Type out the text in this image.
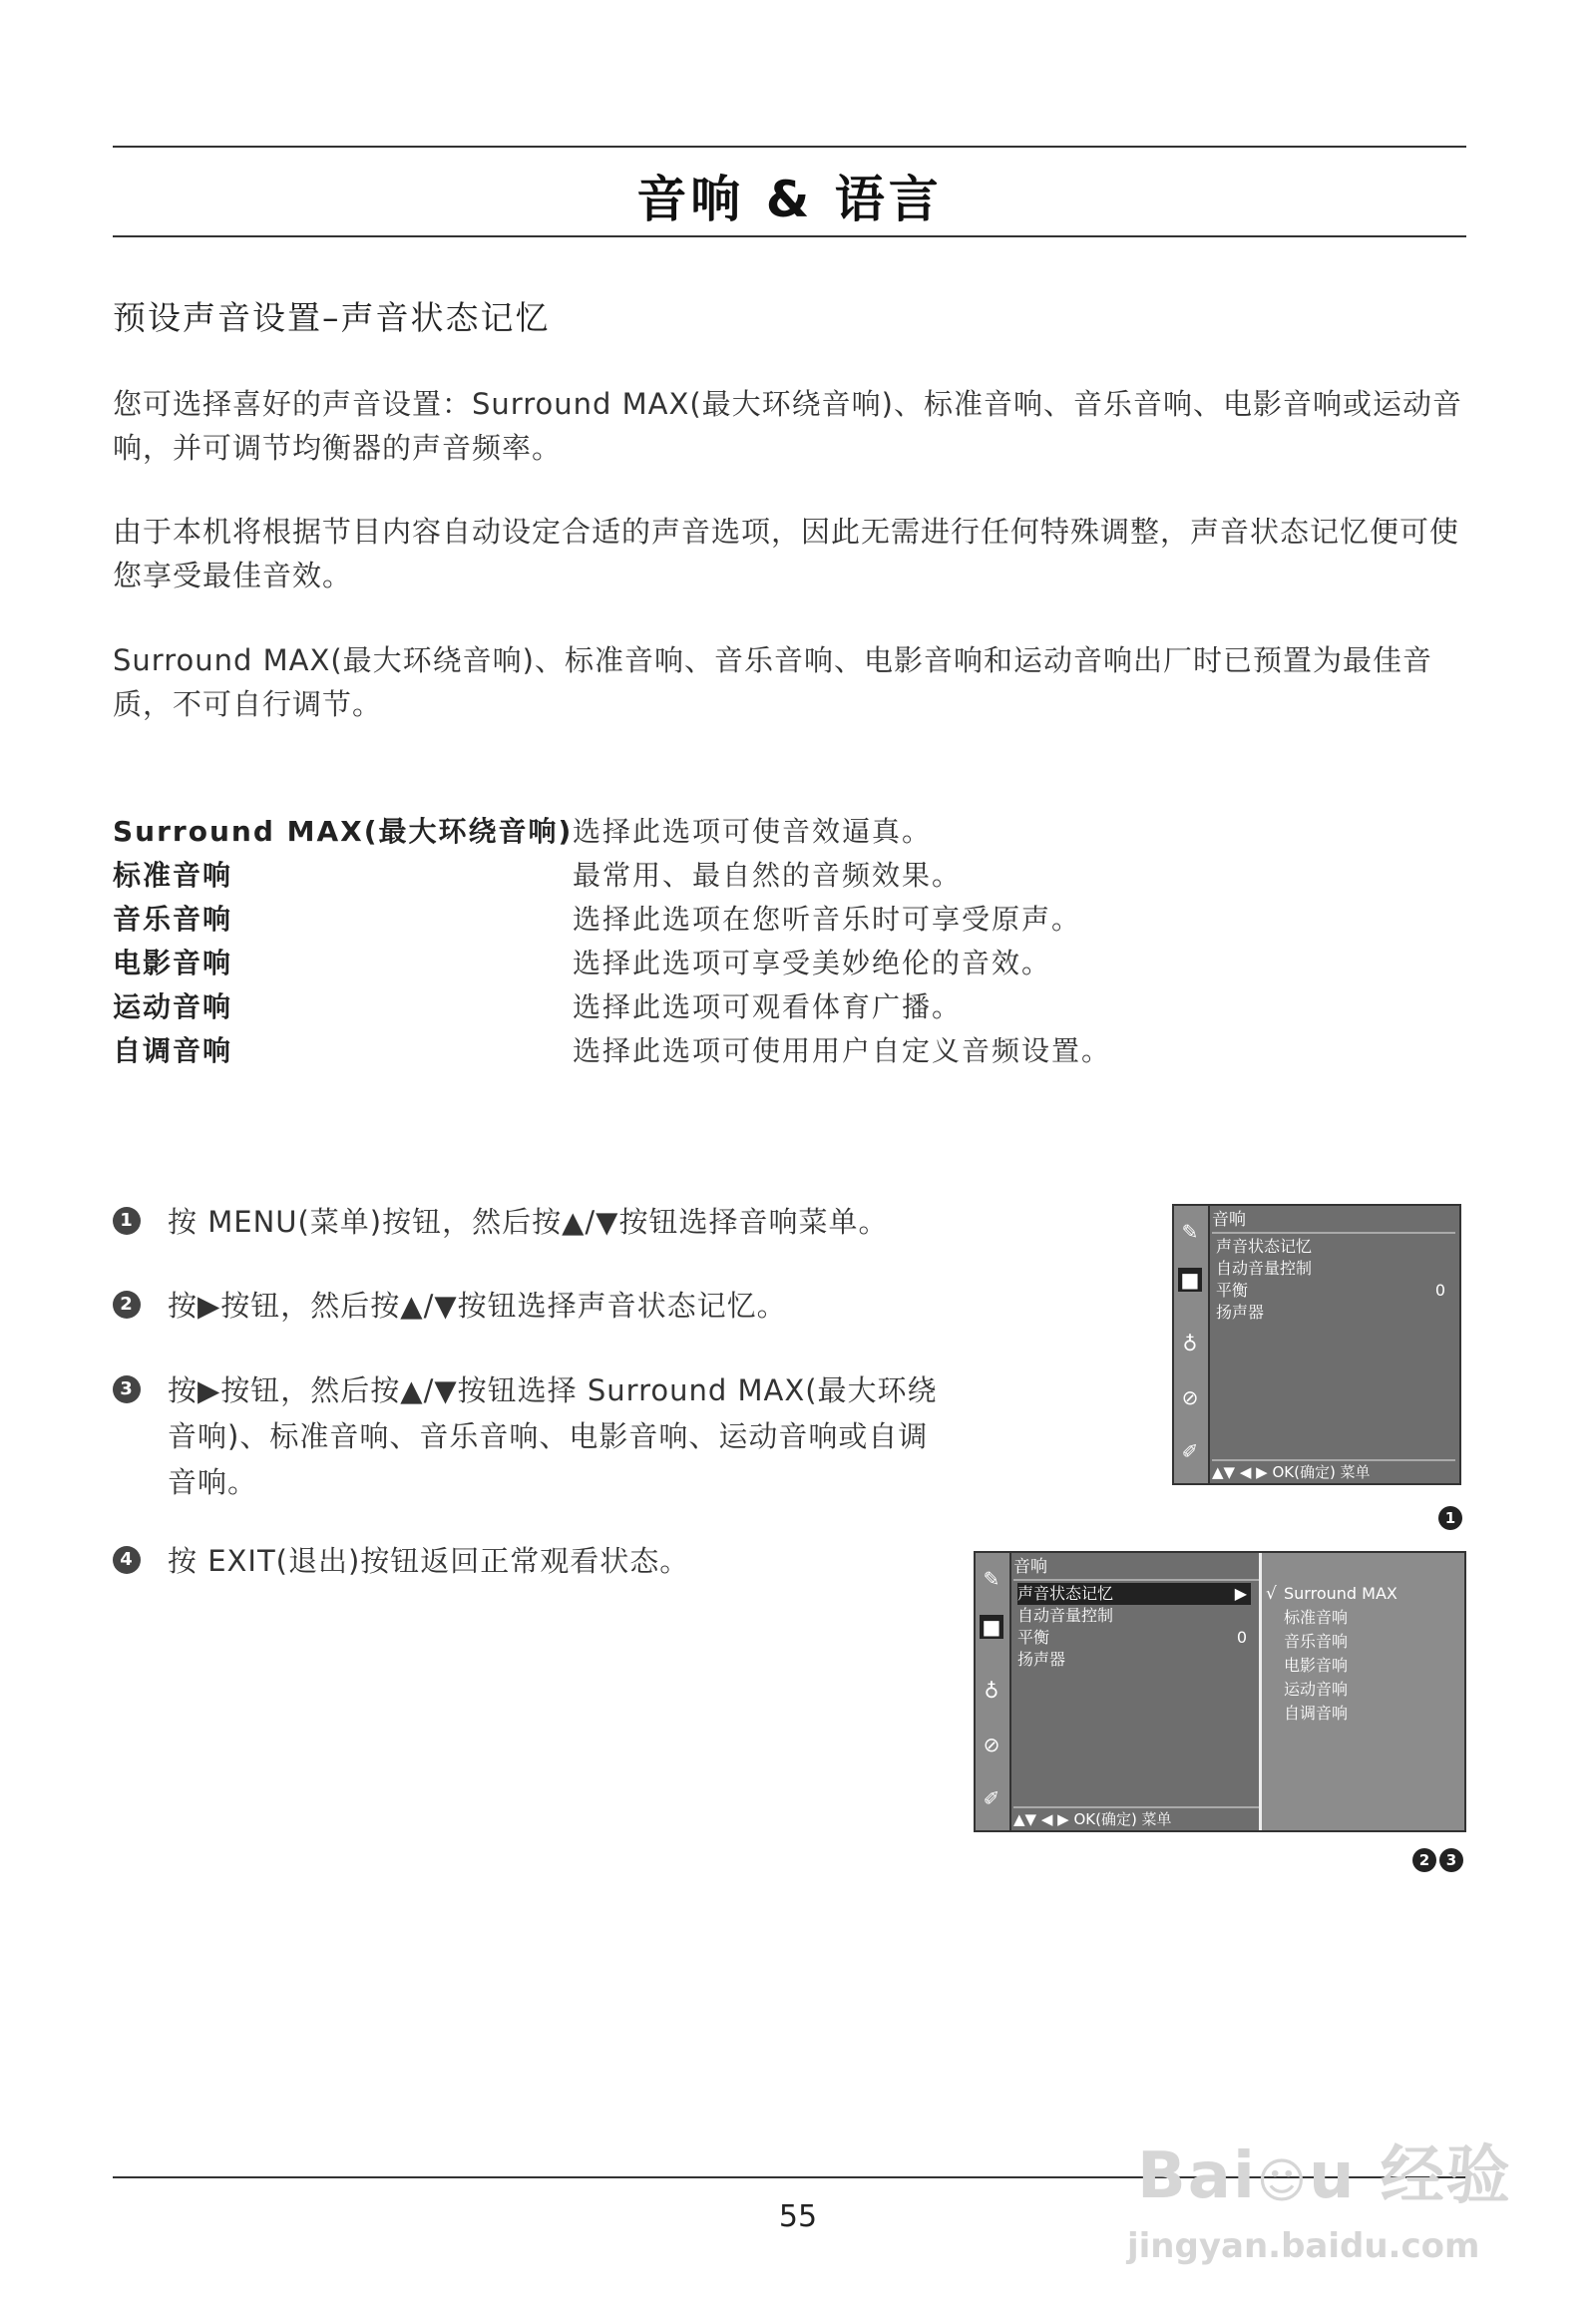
音响 & 语言
预设声音设置–声音状态记忆
您可选择喜好的声音设置：Surround MAX(最大环绕音响)、标准音响、音乐音响、电影音响或运动音响，并可调节均衡器的声音频率。
由于本机将根据节目内容自动设定合适的声音选项，因此无需进行任何特殊调整，声音状态记忆便可使您享受最佳音效。
Surround MAX(最大环绕音响)、标准音响、音乐音响、电影音响和运动音响出厂时已预置为最佳音质，不可自行调节。
Surround MAX(最大环绕音响) 选择此选项可使音效逼真。
标准音响	最常用、最自然的音频效果。
音乐音响	选择此选项在您听音乐时可享受原声。
电影音响	选择此选项可享受美妙绝伦的音效。
运动音响	选择此选项可观看体育广播。
自调音响	选择此选项可使用用户自定义音频设置。
1 按 MENU(菜单)按钮，然后按▲/▼按钮选择音响菜单。
2 按▶按钮，然后按▲/▼按钮选择声音状态记忆。
3 按▶按钮，然后按▲/▼按钮选择 Surround MAX(最大环绕音响)、标准音响、音乐音响、电影音响、运动音响或自调音响。
4 按 EXIT(退出)按钮返回正常观看状态。
✎
■
♁
⊘
✐
音响
声音状态记忆
自动音量控制
平衡	0
扬声器
▲▼ ◀ ▶ OK(确定) 菜单
1
✎
■
♁
⊘
✐
音响
声音状态记忆	▶
自动音量控制
平衡	0
扬声器
▲▼ ◀ ▶ OK(确定) 菜单
√ Surround MAX
标准音响
音乐音响
电影音响
运动音响
自调音响
2	3
55
Bai☺u 经验
jingyan.baidu.com
